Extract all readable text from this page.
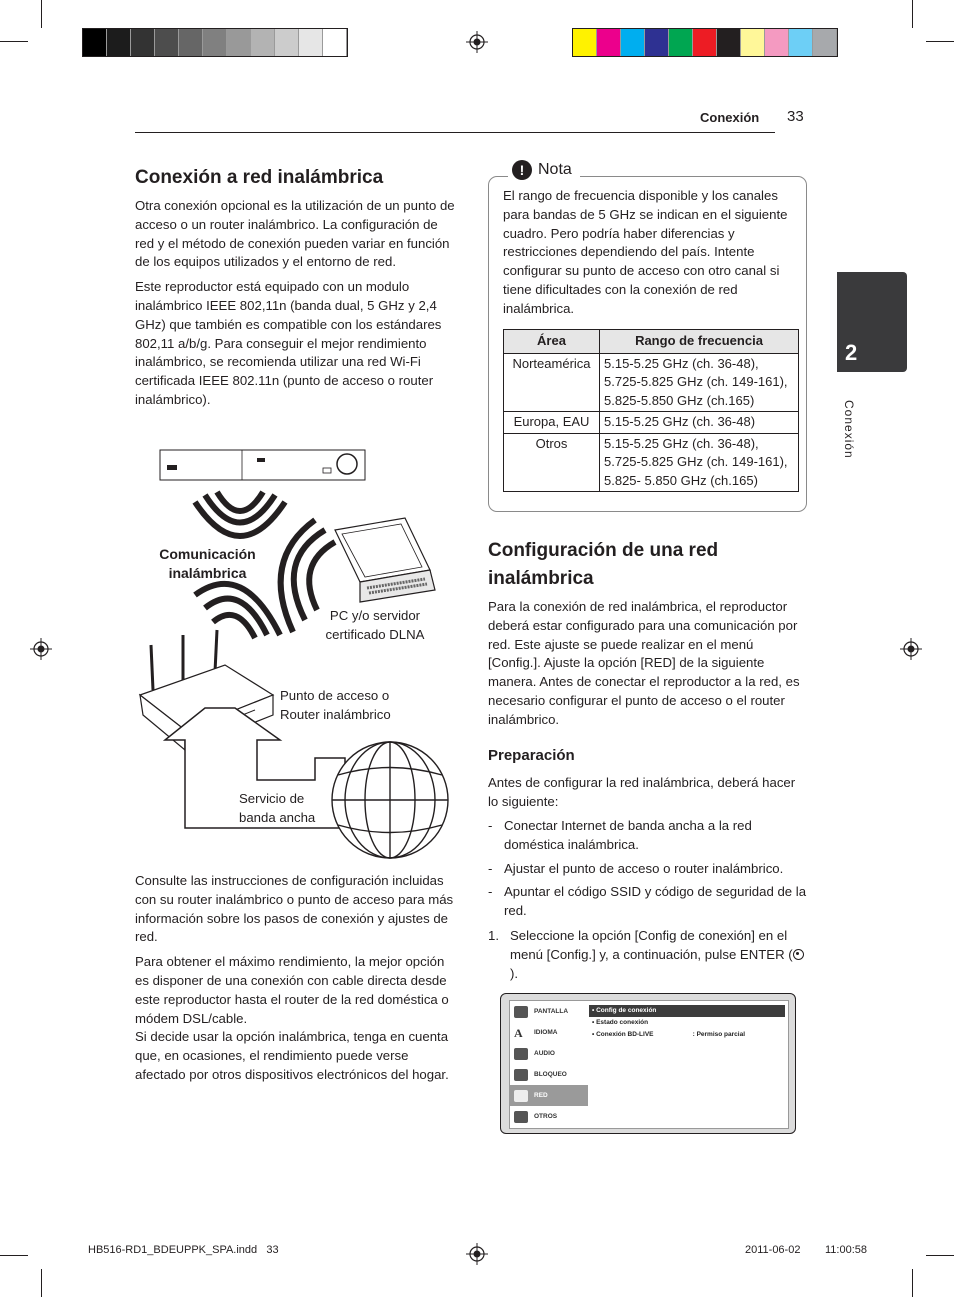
Conexión 33
2
Conexión
Conexión a red inalámbrica

Otra conexión opcional es la utilización de un punto de acceso o un router inalámbrico. La configuración de red y el método de conexión pueden variar en función de los equipos utilizados y el entorno de red.

Este reproductor está equipado con un modulo inalámbrico IEEE 802,11n (banda dual, 5 GHz y 2,4 GHz) que también es compatible con los estándares 802,11 a/b/g. Para conseguir el mejor rendimiento inalámbrico, se recomienda utilizar una red Wi-Fi certificada IEEE 802.11n (punto de acceso o router inalámbrico).

Comunicación inalámbrica
PC y/o servidor certificado DLNA
Punto de acceso o Router inalámbrico
Servicio de banda ancha

Consulte las instrucciones de configuración incluidas con su router inalámbrico o punto de acceso para más información sobre los pasos de conexión y ajustes de red.

Para obtener el máximo rendimiento, la mejor opción es disponer de una conexión con cable directa desde este reproductor hasta el router de la red doméstica o módem DSL/cable.

Si decide usar la opción inalámbrica, tenga en cuenta que, en ocasiones, el rendimiento puede verse afectado por otros dispositivos electrónicos del hogar.

! Nota
El rango de frecuencia disponible y los canales para bandas de 5 GHz se indican en el siguiente cuadro. Pero podría haber diferencias y restricciones dependiendo del país. Intente configurar su punto de acceso con otro canal si tiene dificultades con la conexión de red inalámbrica.
Área	Rango de frecuencia
Norteamérica	5.15-5.25 GHz (ch. 36-48), 5.725-5.825 GHz (ch. 149-161), 5.825-5.850 GHz (ch.165)
Europa, EAU	5.15-5.25 GHz (ch. 36-48)
Otros	5.15-5.25 GHz (ch. 36-48), 5.725-5.825 GHz (ch. 149-161), 5.825- 5.850 GHz (ch.165)
Configuración de una red inalámbrica
Para la conexión de red inalámbrica, el reproductor deberá estar configurado para una comunicación por red. Este ajuste se puede realizar en el menú [Config.]. Ajuste la opción [RED] de la siguiente manera. Antes de conectar el reproductor a la red, es necesario configurar el punto de acceso o el router inalámbrico.
Preparación
Antes de configurar la red inalámbrica, deberá hacer lo siguiente:
- Conectar Internet de banda ancha a la red doméstica inalámbrica.
- Ajustar el punto de acceso o router inalámbrico.
- Apuntar el código SSID y código de seguridad de la red.
1. Seleccione la opción [Config de conexión] en el menú [Config.] y, a continuación, pulse ENTER (
).
PANTALLA
A	IDIOMA
AUDIO
BLOQUEO
RED
OTROS
• Config de conexión
• Estado conexión
• Conexión BD-LIVE	: Permiso parcial
HB516-RD1_BDEUPPK_SPA.indd   33	2011-06-02 11:00:58
